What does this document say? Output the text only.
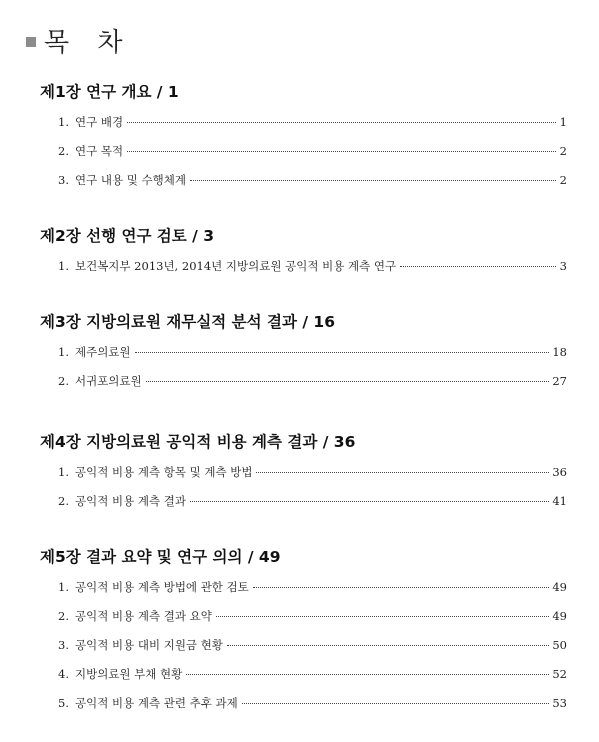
목 차
제1장 연구 개요 / 1
1. 연구 배경	1
2. 연구 목적	2
3. 연구 내용 및 수행체계	2
제2장 선행 연구 검토 / 3
1. 보건복지부 2013년, 2014년 지방의료원 공익적 비용 계측 연구	3
제3장 지방의료원 재무실적 분석 결과 / 16
1. 제주의료원	18
2. 서귀포의료원	27
제4장 지방의료원 공익적 비용 계측 결과 / 36
1. 공익적 비용 계측 항목 및 계측 방법	36
2. 공익적 비용 계측 결과	41
제5장 결과 요약 및 연구 의의 / 49
1. 공익적 비용 계측 방법에 관한 검토	49
2. 공익적 비용 계측 결과 요약	49
3. 공익적 비용 대비 지원금 현황	50
4. 지방의료원 부채 현황	52
5. 공익적 비용 계측 관련 추후 과제	53
